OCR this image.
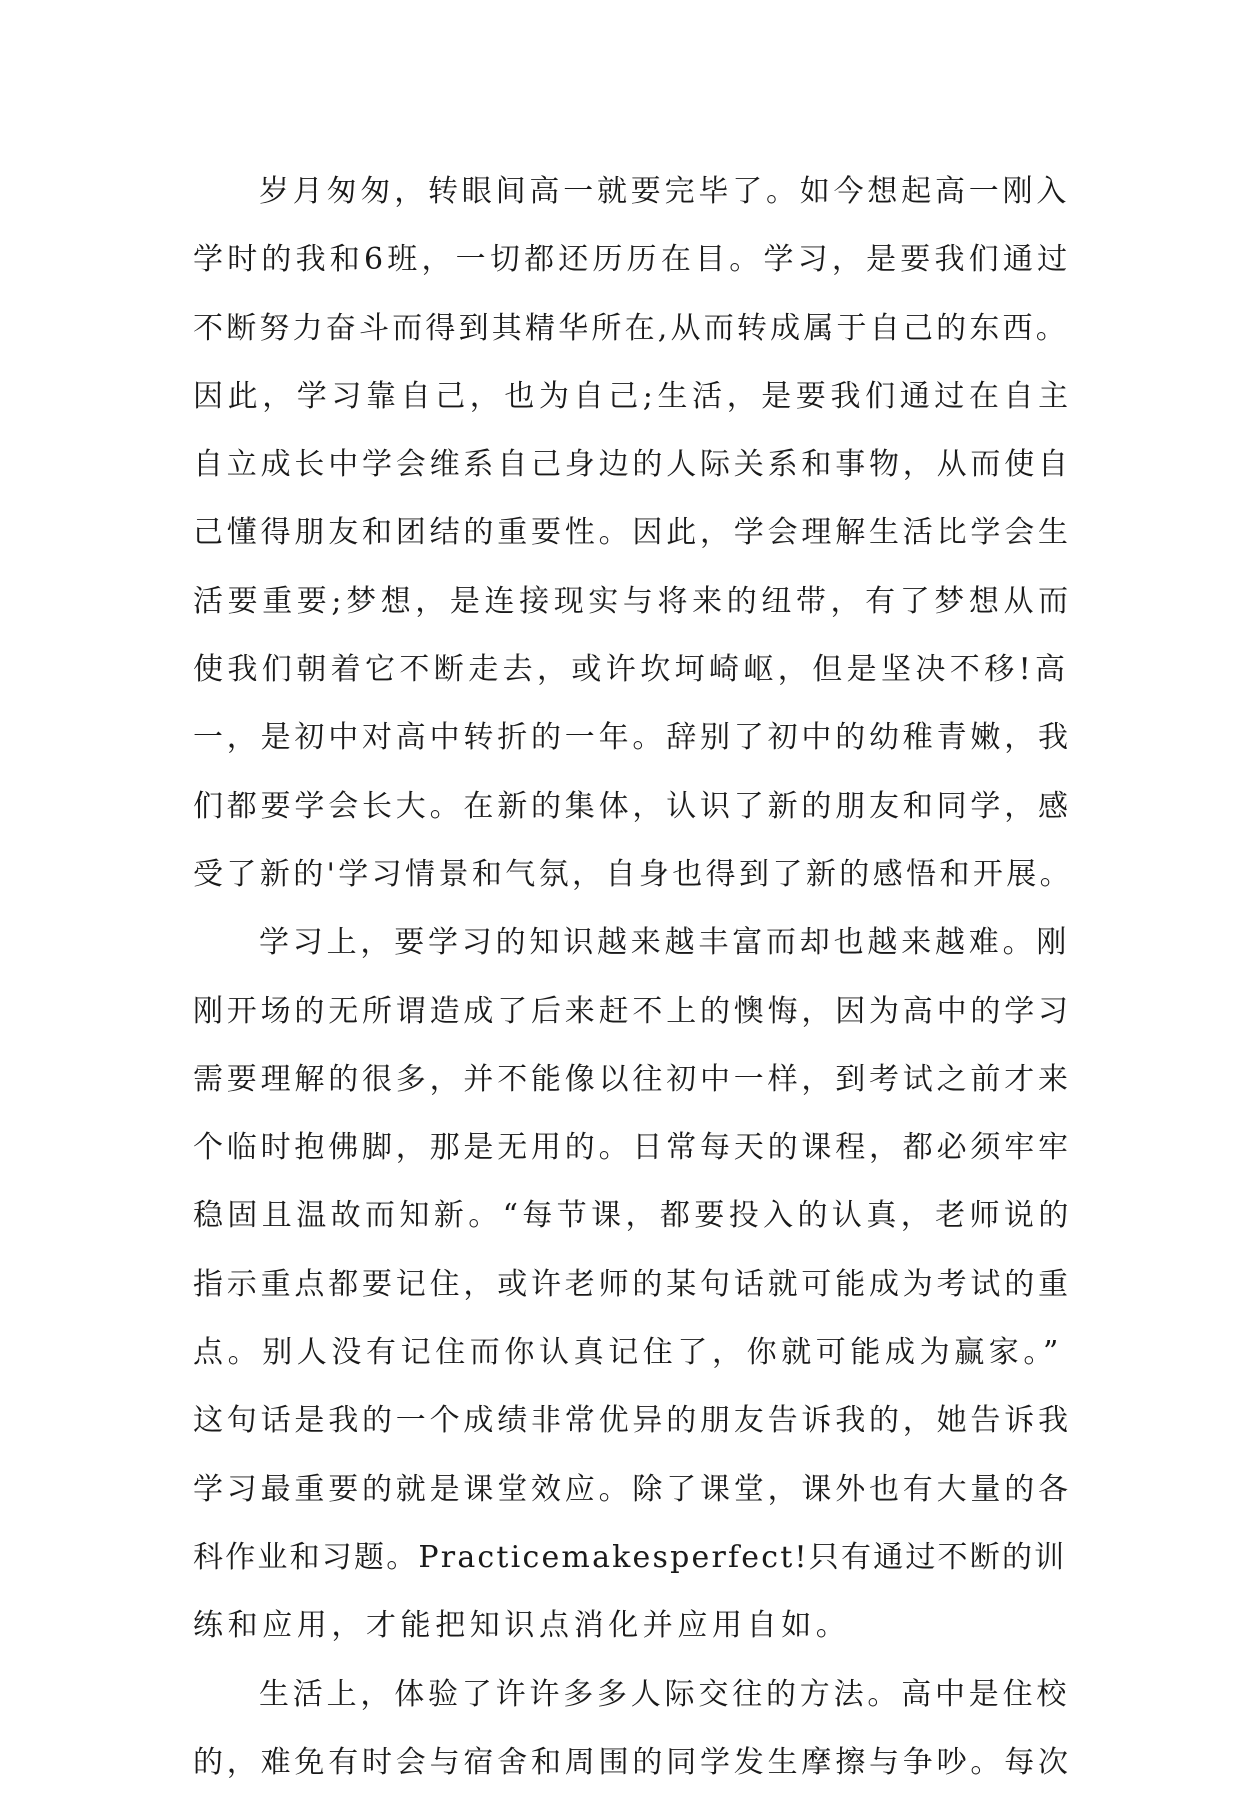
岁月匆匆，转眼间高一就要完毕了。如今想起高一刚入
学时的我和6班，一切都还历历在目。学习，是要我们通过
不断努力奋斗而得到其精华所在,从而转成属于自己的东西。
因此，学习靠自己，也为自己;生活，是要我们通过在自主
自立成长中学会维系自己身边的人际关系和事物，从而使自
己懂得朋友和团结的重要性。因此，学会理解生活比学会生
活要重要;梦想，是连接现实与将来的纽带，有了梦想从而
使我们朝着它不断走去，或许坎坷崎岖，但是坚决不移!高
一，是初中对高中转折的一年。辞别了初中的幼稚青嫩，我
们都要学会长大。在新的集体，认识了新的朋友和同学，感
受了新的'学习情景和气氛，自身也得到了新的感悟和开展。
学习上，要学习的知识越来越丰富而却也越来越难。刚
刚开场的无所谓造成了后来赶不上的懊悔，因为高中的学习
需要理解的很多，并不能像以往初中一样，到考试之前才来
个临时抱佛脚，那是无用的。日常每天的课程，都必须牢牢
稳固且温故而知新。“每节课，都要投入的认真，老师说的
指示重点都要记住，或许老师的某句话就可能成为考试的重
点。别人没有记住而你认真记住了，你就可能成为赢家。”
这句话是我的一个成绩非常优异的朋友告诉我的，她告诉我
学习最重要的就是课堂效应。除了课堂，课外也有大量的各
科作业和习题。Practicemakesperfect!只有通过不断的训
练和应用，才能把知识点消化并应用自如。
生活上，体验了许许多多人际交往的方法。高中是住校
的，难免有时会与宿舍和周围的同学发生摩擦与争吵。每次
